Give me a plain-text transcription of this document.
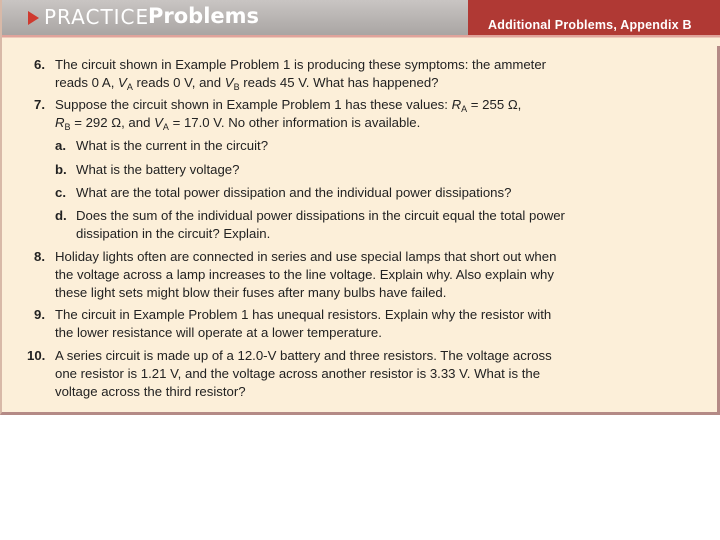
PRACTICE
Problems	Additional Problems, Appendix B
6. The circuit shown in Example Problem 1 is producing these symptoms: the ammeter
reads 0 A, $V_A$ reads 0 V, and $V_B$ reads 45 V. What has happened?
7. Suppose the circuit shown in Example Problem 1 has these values: $R_A = 255$ Ω,
$R_B = 292$ Ω, and $V_A = 17.0$ V. No other information is available.
a. What is the current in the circuit?
b. What is the battery voltage?
c. What are the total power dissipation and the individual power dissipations?
d. Does the sum of the individual power dissipations in the circuit equal the total power
dissipation in the circuit? Explain.
8. Holiday lights often are connected in series and use special lamps that short out when
the voltage across a lamp increases to the line voltage. Explain why. Also explain why
these light sets might blow their fuses after many bulbs have failed.
9. The circuit in Example Problem 1 has unequal resistors. Explain why the resistor with
the lower resistance will operate at a lower temperature.
10. A series circuit is made up of a 12.0-V battery and three resistors. The voltage across
one resistor is 1.21 V, and the voltage across another resistor is 3.33 V. What is the
voltage across the third resistor?
